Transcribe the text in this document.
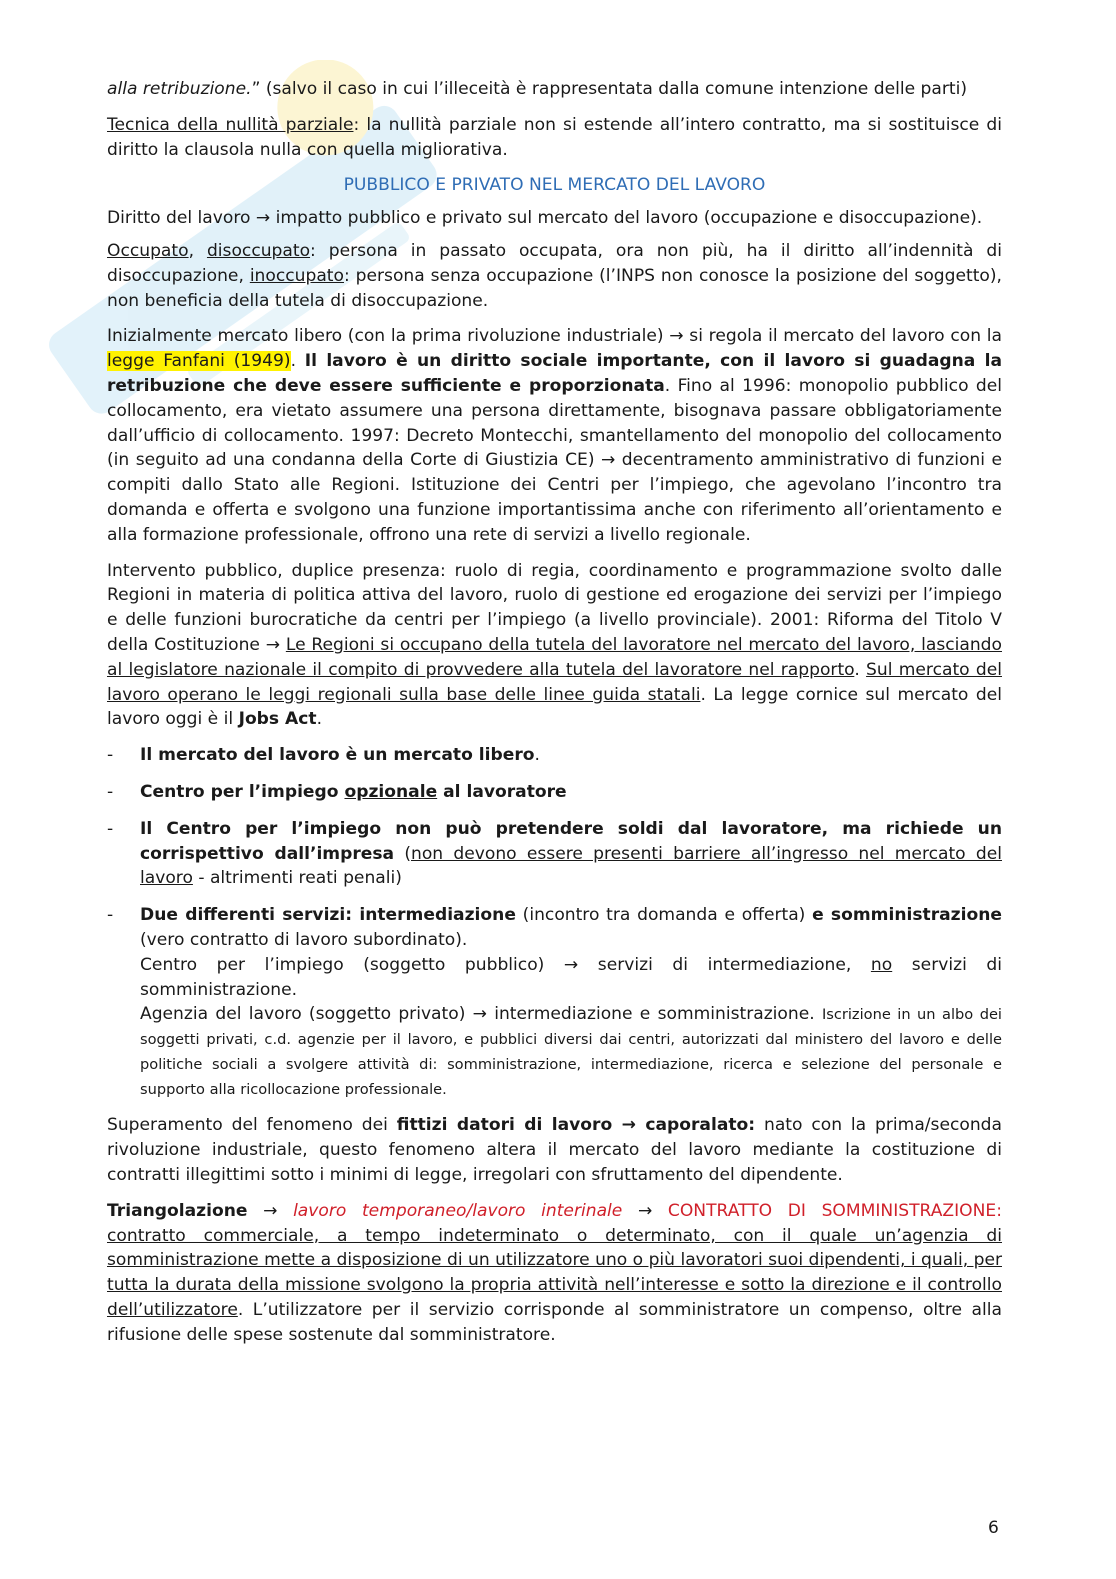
alla retribuzione.” (salvo il caso in cui l’illeceità è rappresentata dalla comune intenzione delle parti)

Tecnica della nullità parziale: la nullità parziale non si estende all’intero contratto, ma si sostituisce di diritto la clausola nulla con quella migliorativa.

PUBBLICO E PRIVATO NEL MERCATO DEL LAVORO

Diritto del lavoro → impatto pubblico e privato sul mercato del lavoro (occupazione e disoccupazione).

Occupato, disoccupato: persona in passato occupata, ora non più, ha il diritto all’indennità di disoccupazione, inoccupato: persona senza occupazione (l’INPS non conosce la posizione del soggetto), non beneficia della tutela di disoccupazione.

Inizialmente mercato libero (con la prima rivoluzione industriale) → si regola il mercato del lavoro con la legge Fanfani (1949). Il lavoro è un diritto sociale importante, con il lavoro si guadagna la retribuzione che deve essere sufficiente e proporzionata. Fino al 1996: monopolio pubblico del collocamento, era vietato assumere una persona direttamente, bisognava passare obbligatoriamente dall’ufficio di collocamento. 1997: Decreto Montecchi, smantellamento del monopolio del collocamento (in seguito ad una condanna della Corte di Giustizia CE) → decentramento amministrativo di funzioni e compiti dallo Stato alle Regioni. Istituzione dei Centri per l’impiego, che agevolano l’incontro tra domanda e offerta e svolgono una funzione importantissima anche con riferimento all’orientamento e alla formazione professionale, offrono una rete di servizi a livello regionale.

Intervento pubblico, duplice presenza: ruolo di regia, coordinamento e programmazione svolto dalle Regioni in materia di politica attiva del lavoro, ruolo di gestione ed erogazione dei servizi per l’impiego e delle funzioni burocratiche da centri per l’impiego (a livello provinciale). 2001: Riforma del Titolo V della Costituzione → Le Regioni si occupano della tutela del lavoratore nel mercato del lavoro, lasciando al legislatore nazionale il compito di provvedere alla tutela del lavoratore nel rapporto. Sul mercato del lavoro operano le leggi regionali sulla base delle linee guida statali. La legge cornice sul mercato del lavoro oggi è il Jobs Act.

- Il mercato del lavoro è un mercato libero.
- Centro per l’impiego opzionale al lavoratore
- Il Centro per l’impiego non può pretendere soldi dal lavoratore, ma richiede un corrispettivo dall’impresa (non devono essere presenti barriere all’ingresso nel mercato del lavoro - altrimenti reati penali)
- Due differenti servizi: intermediazione (incontro tra domanda e offerta) e somministrazione (vero contratto di lavoro subordinato).

Centro per l’impiego (soggetto pubblico) → servizi di intermediazione, no servizi di somministrazione.

Agenzia del lavoro (soggetto privato) → intermediazione e somministrazione. Iscrizione in un albo dei soggetti privati, c.d. agenzie per il lavoro, e pubblici diversi dai centri, autorizzati dal ministero del lavoro e delle politiche sociali a svolgere attività di: somministrazione, intermediazione, ricerca e selezione del personale e supporto alla ricollocazione professionale.

Superamento del fenomeno dei fittizi datori di lavoro → caporalato: nato con la prima/seconda rivoluzione industriale, questo fenomeno altera il mercato del lavoro mediante la costituzione di contratti illegittimi sotto i minimi di legge, irregolari con sfruttamento del dipendente.

Triangolazione → lavoro temporaneo/lavoro interinale → CONTRATTO DI SOMMINISTRAZIONE: contratto commerciale, a tempo indeterminato o determinato, con il quale un’agenzia di somministrazione mette a disposizione di un utilizzatore uno o più lavoratori suoi dipendenti, i quali, per tutta la durata della missione svolgono la propria attività nell’interesse e sotto la direzione e il controllo dell’utilizzatore. L’utilizzatore per il servizio corrisponde al somministratore un compenso, oltre alla rifusione delle spese sostenute dal somministratore.

6
